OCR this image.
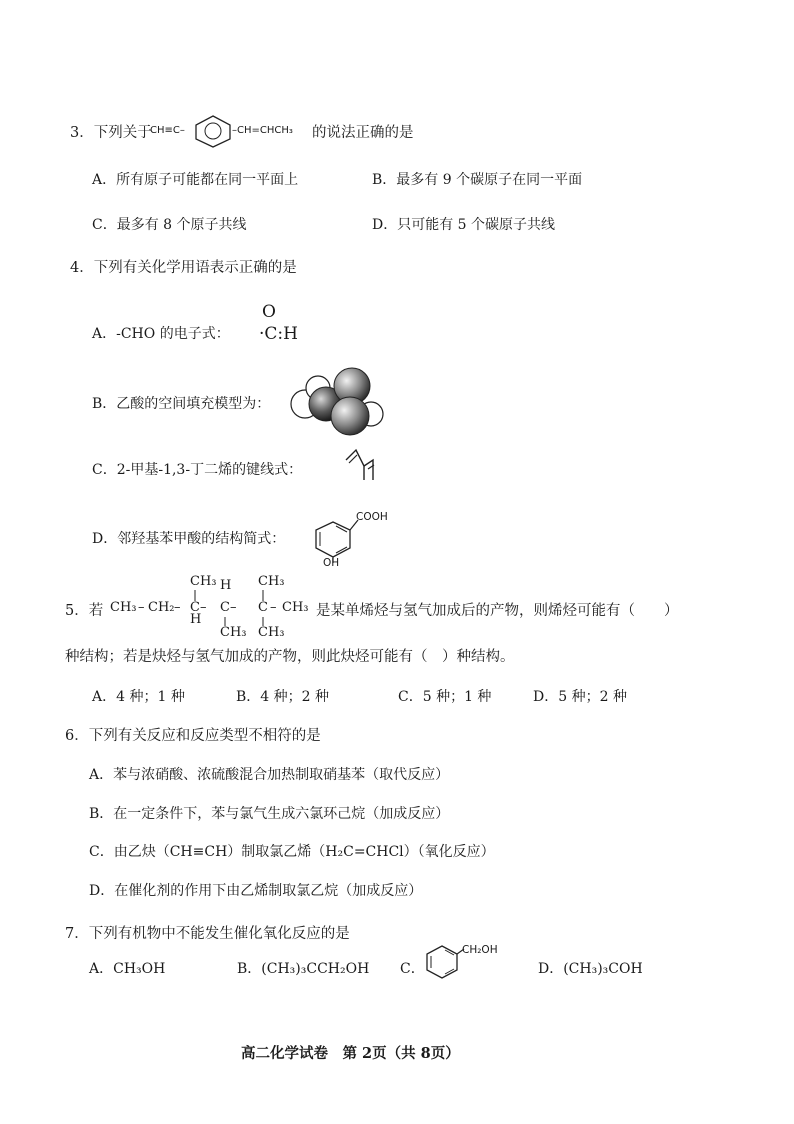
3．下列关于
CH≡C–	–CH=CHCH₃ 的说法正确的是
A．所有原子可能都在同一平面上	B．最多有 9 个碳原子在同一平面
C．最多有 8 个原子共线	D．只可能有 5 个碳原子共线
4．下列有关化学用语表示正确的是
A．-CHO 的电子式：
O
·C:H
B．乙酸的空间填充模型为：
C．2-甲基-1,3-丁二烯的键线式：
D．邻羟基苯甲酸的结构简式：
COOH
OH
5．若 CH₃ – CH₂ – C – C – C – CH₃
CH₃	CH₃
H
H
CH₃ CH₃
是某单烯烃与氢气加成后的产物，则烯烃可能有（　　）
种结构；若是炔烃与氢气加成的产物，则此炔烃可能有（　）种结构。
A．4 种；1 种	B．4 种；2 种	C．5 种；1 种	D．5 种；2 种
6．下列有关反应和反应类型不相符的是
A．苯与浓硝酸、浓硫酸混合加热制取硝基苯（取代反应）
B．在一定条件下，苯与氯气生成六氯环己烷（加成反应）
C．由乙炔（CH≡CH）制取氯乙烯（H₂C=CHCl）（氧化反应）
D．在催化剂的作用下由乙烯制取氯乙烷（加成反应）
7．下列有机物中不能发生催化氧化反应的是
A．CH₃OH	B．(CH₃)₃CCH₂OH C．
CH₂OH
D．(CH₃)₃COH
高二化学试卷　第 2页（共 8页）
